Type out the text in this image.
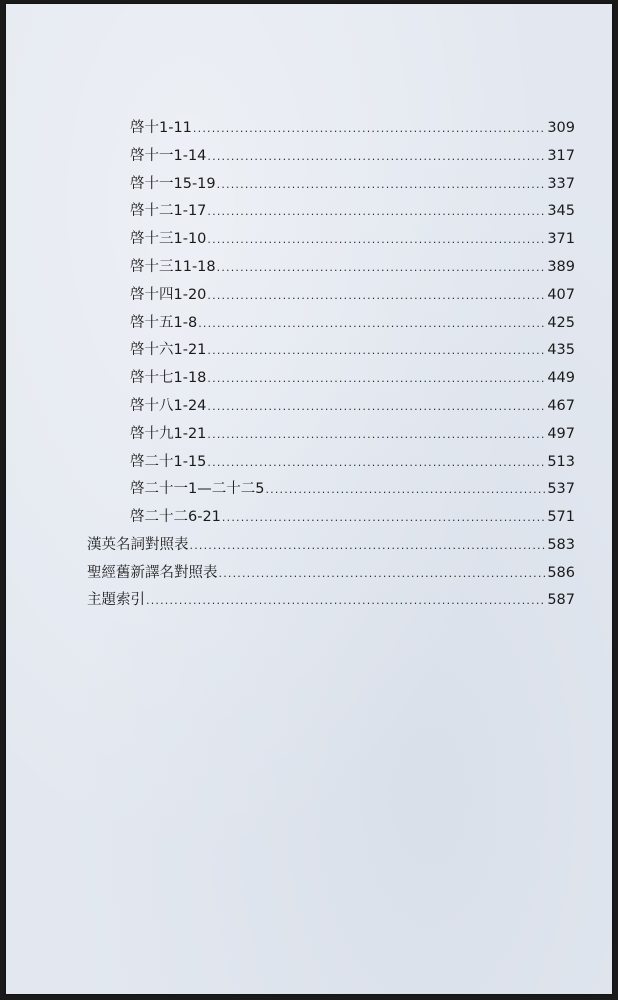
啓十1-11 .....	309
啓十一1-14 .....	317
啓十一15-19 .....	337
啓十二1-17 .....	345
啓十三1-10 .....	371
啓十三11-18 .....	389
啓十四1-20 .....	407
啓十五1-8 .....	425
啓十六1-21 .....	435
啓十七1-18 .....	449
啓十八1-24 .....	467
啓十九1-21 .....	497
啓二十1-15 .....	513
啓二十一1—二十二5 .....	537
啓二十二6-21 .....	571
漢英名詞對照表 .....	583
聖經舊新譯名對照表 .....	586
主題索引 .....	587
